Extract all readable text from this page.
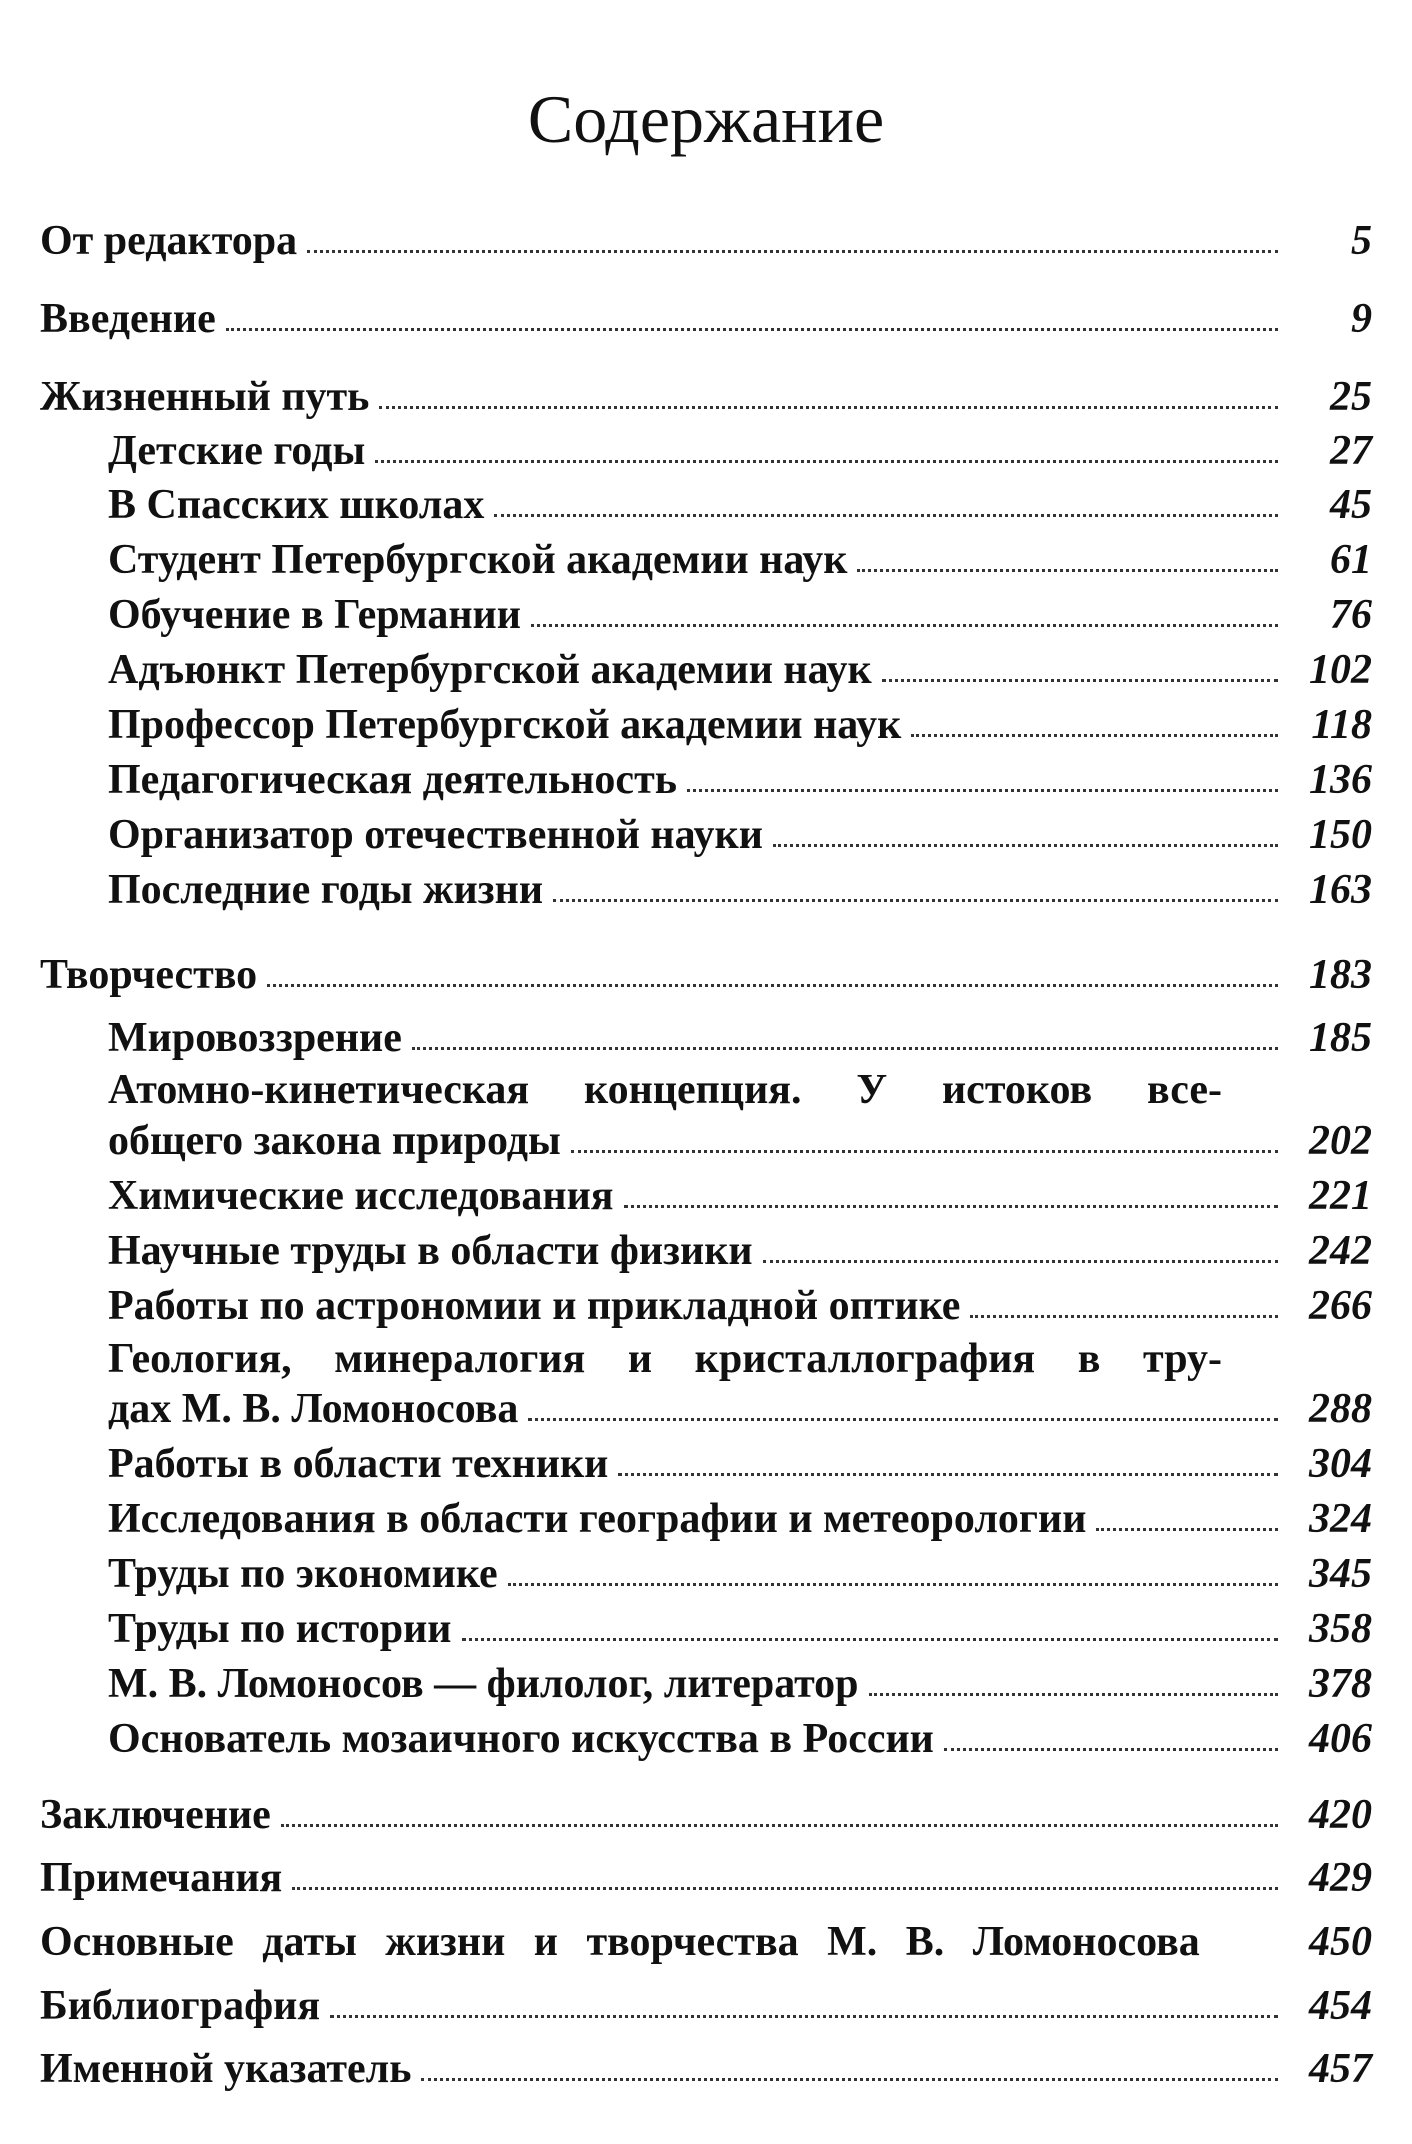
Содержание
От редактора	5
Введение	9
Жизненный путь	25
Детские годы	27
В Спасских школах	45
Студент Петербургской академии наук	61
Обучение в Германии	76
Адъюнкт Петербургской академии наук	102
Профессор Петербургской академии наук	118
Педагогическая деятельность	136
Организатор отечественной науки	150
Последние годы жизни	163
Творчество	183
Мировоззрение	185
Атомно-кинетическая концепция. У истоков все-
общего закона природы	202
Химические исследования	221
Научные труды в области физики	242
Работы по астрономии и прикладной оптике	266
Геология, минералогия и кристаллография в тру-
дах М. В. Ломоносова	288
Работы в области техники	304
Исследования в области географии и метеорологии	324
Труды по экономике	345
Труды по истории	358
М. В. Ломоносов — филолог, литератор	378
Основатель мозаичного искусства в России	406
Заключение	420
Примечания	429
Основные даты жизни и творчества М. В. Ломоносова	450
Библиография	454
Именной указатель	457
